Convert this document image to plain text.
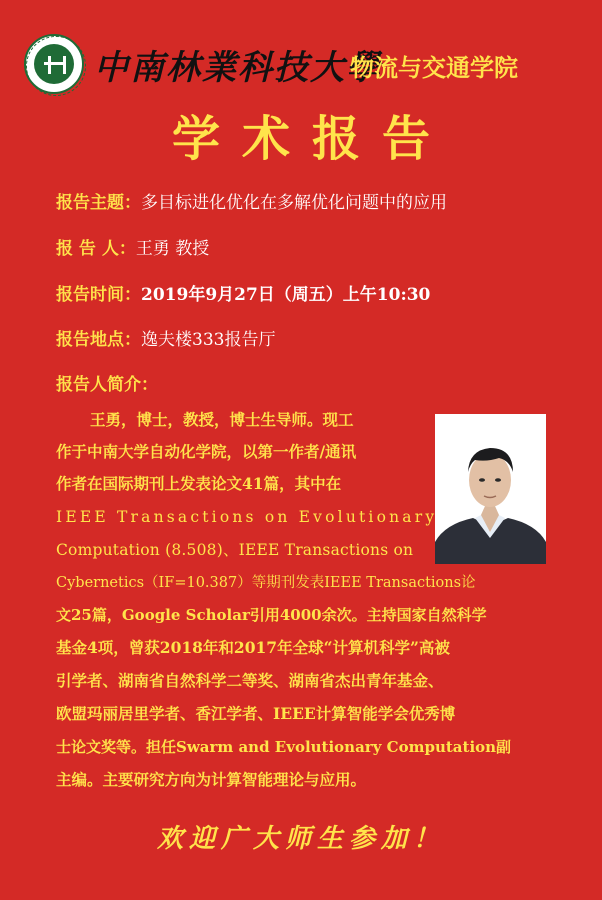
中南林業科技大學
物流与交通学院
学术报告
报告主题：多目标进化优化在多解优化问题中的应用
报 告 人：王勇 教授
报告时间：2019年9月27日（周五）上午10:30
报告地点：逸夫楼333报告厅
报告人简介：
王勇，博士，教授，博士生导师。现工
作于中南大学自动化学院，以第一作者/通讯
作者在国际期刊上发表论文41篇，其中在
IEEE Transactions on Evolutionary
Computation (8.508)、IEEE Transactions on
Cybernetics（IF=10.387）等期刊发表IEEE Transactions论
文25篇，Google Scholar引用4000余次。主持国家自然科学
基金4项，曾获2018年和2017年全球“计算机科学”高被
引学者、湖南省自然科学二等奖、湖南省杰出青年基金、
欧盟玛丽居里学者、香江学者、IEEE计算智能学会优秀博
士论文奖等。担任Swarm and Evolutionary Computation副
主编。主要研究方向为计算智能理论与应用。
欢迎广大师生参加！
